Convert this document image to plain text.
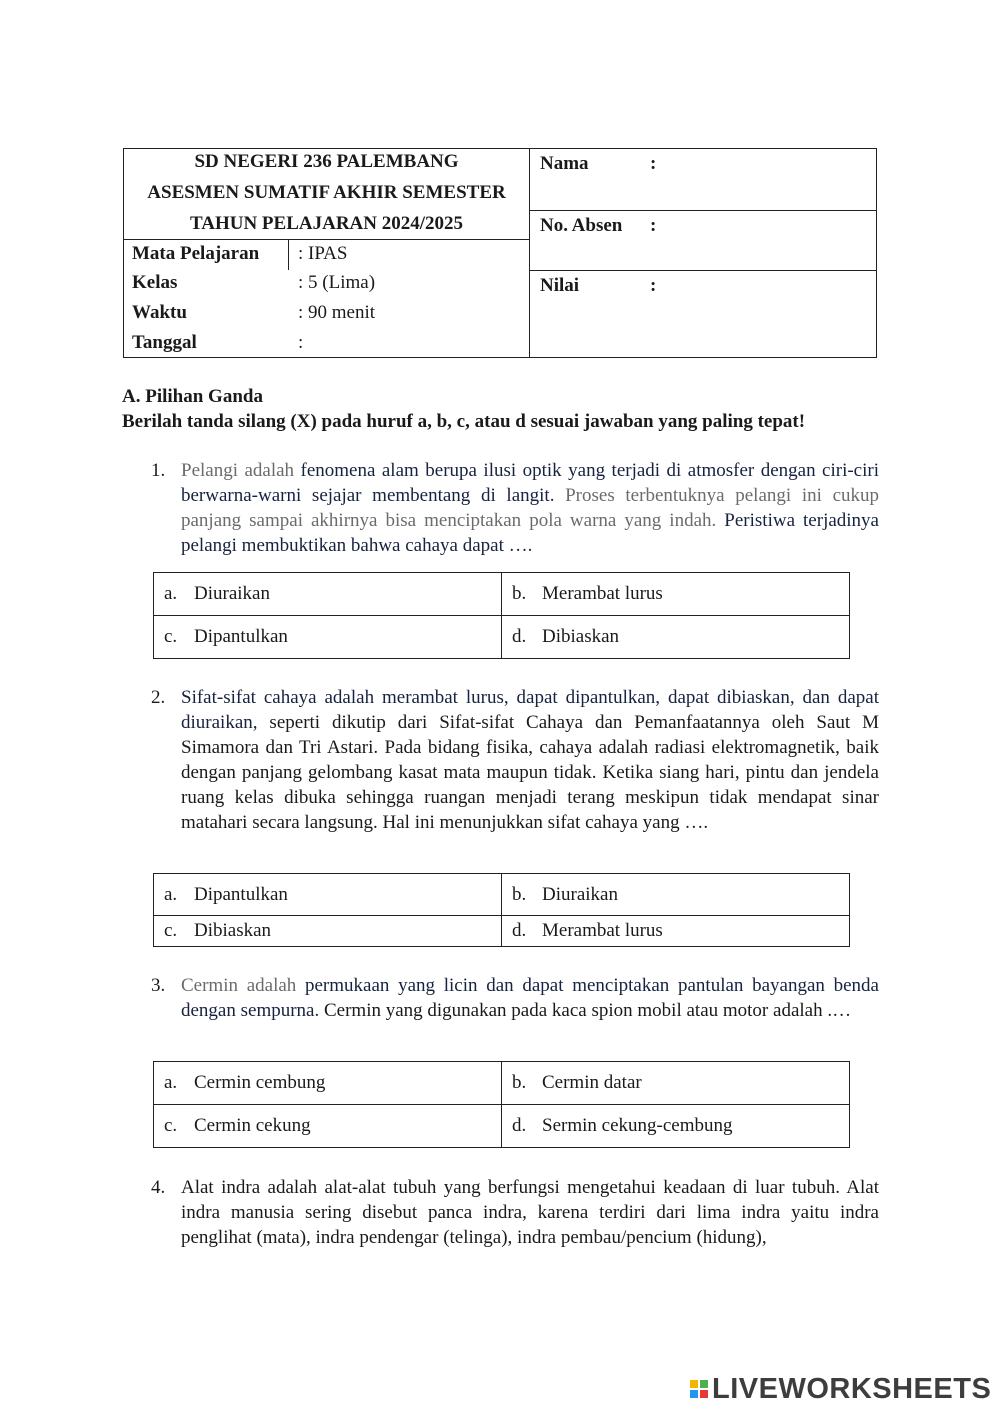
SD NEGERI 236 PALEMBANG
ASESMEN SUMATIF AKHIR SEMESTER
TAHUN PELAJARAN 2024/2025
Mata Pelajaran : IPAS
Kelas	: 5 (Lima)
Waktu	: 90 menit
Tanggal	:
Nama	:
No. Absen :
Nilai	:
A. Pilihan Ganda
Berilah tanda silang (X) pada huruf a, b, c, atau d sesuai jawaban yang paling tepat!
1. Pelangi adalah fenomena alam berupa ilusi optik yang terjadi di atmosfer dengan ciri-ciri berwarna-warni sejajar membentang di langit. Proses terbentuknya pelangi ini cukup panjang sampai akhirnya bisa menciptakan pola warna yang indah. Peristiwa terjadinya pelangi membuktikan bahwa cahaya dapat ….
a. Diuraikan	b. Merambat lurus
c. Dipantulkan	d. Dibiaskan
2. Sifat-sifat cahaya adalah merambat lurus, dapat dipantulkan, dapat dibiaskan, dan dapat diuraikan, seperti dikutip dari Sifat-sifat Cahaya dan Pemanfaatannya oleh Saut M Simamora dan Tri Astari. Pada bidang fisika, cahaya adalah radiasi elektromagnetik, baik dengan panjang gelombang kasat mata maupun tidak. Ketika siang hari, pintu dan jendela ruang kelas dibuka sehingga ruangan menjadi terang meskipun tidak mendapat sinar matahari secara langsung. Hal ini menunjukkan sifat cahaya yang ….
a. Dipantulkan	b. Diuraikan
c. Dibiaskan	d. Merambat lurus
3. Cermin adalah permukaan yang licin dan dapat menciptakan pantulan bayangan benda dengan sempurna. Cermin yang digunakan pada kaca spion mobil atau motor adalah .…
a. Cermin cembung	b. Cermin datar
c. Cermin cekung	d. Sermin cekung-cembung
4. Alat indra adalah alat-alat tubuh yang berfungsi mengetahui keadaan di luar tubuh. Alat indra manusia sering disebut panca indra, karena terdiri dari lima indra yaitu indra penglihat (mata), indra pendengar (telinga), indra pembau/pencium (hidung),
LIVEWORKSHEETS
